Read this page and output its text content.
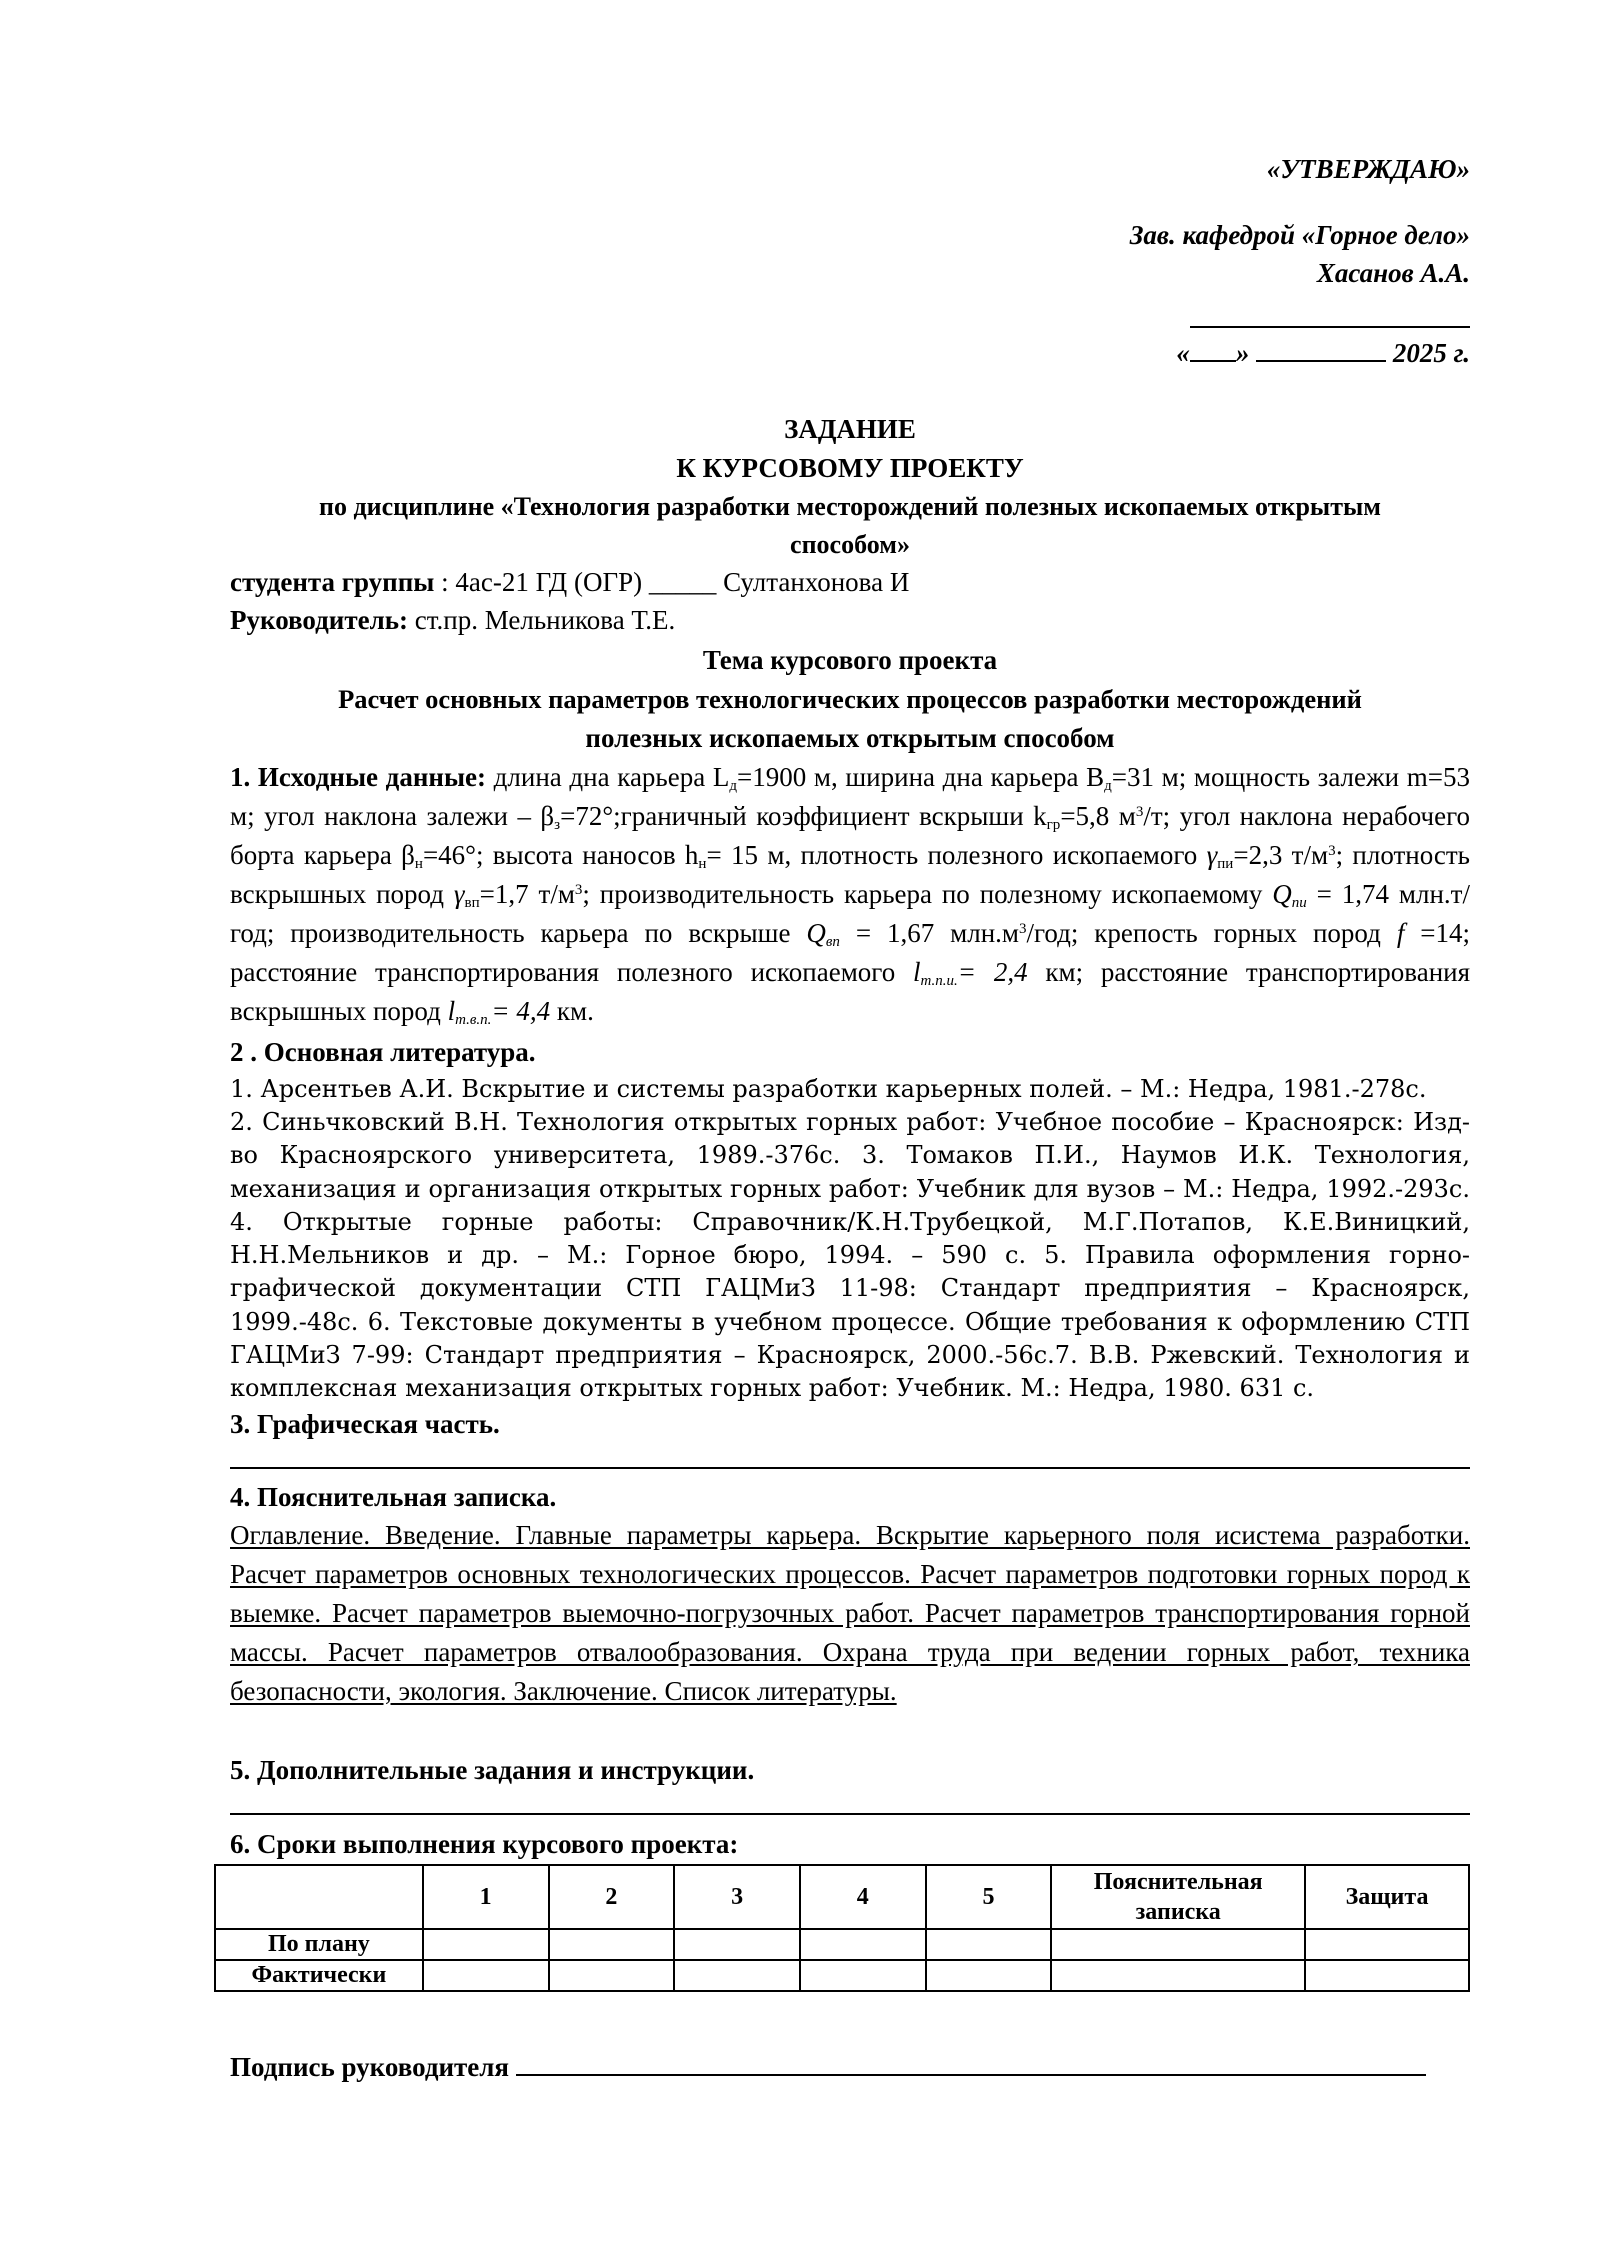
«УТВЕРЖДАЮ»
Зав. кафедрой «Горное дело»
Хасанов А.А.
« »	2025 г.
ЗАДАНИЕ
К КУРСОВОМУ ПРОЕКТУ
по дисциплине «Технология разработки месторождений полезных ископаемых открытым
способом»
студента группы : 4ас-21 ГД (ОГР) _____ Султанхонова И
Руководитель: ст.пр. Мельникова Т.Е.
Тема курсового проекта
Расчет основных параметров технологических процессов разработки месторождений
полезных ископаемых открытым способом
1. Исходные данные: длина дна карьера $L_д=1900$ м, ширина дна карьера $B_д=31$ м; мощность залежи m=53 м; угол наклона залежи – $\beta_з=72^\circ;граничный$ коэффициент вскрыши $k_{гр}=5,8$ $м^3/т$; угол наклона нерабочего борта карьера $\beta_н=46^\circ$; высота наносов $h_н= 15$ м, плотность полезного ископаемого $\gamma_{пи}=2,3$ $т/м^3$; плотность вскрышных пород $\gamma_{вп}=1,7$ $т/м^3$; производительность карьера по полезному ископаемому $Q_{пи} = 1,74$ млн.т/год; производительность карьера по вскрыше $Q_{вп} = 1,67$ $млн.м^3$/год; крепость горных пород f =14; расстояние транспортирования полезного ископаемого $l_{т.п.и.}= 2,4$ км; расстояние транспортирования вскрышных пород $l_{т.в.п.}= 4,4$ км.
2 . Основная литература.
1. Арсентьев А.И. Вскрытие и системы разработки карьерных полей. – М.: Недра, 1981.-278с.
2. Синьчковский В.Н. Технология открытых горных работ: Учебное пособие – Красноярск: Изд-во Красноярского университета, 1989.-376с. 3. Томаков П.И., Наумов И.К. Технология, механизация и организация открытых горных работ: Учебник для вузов – М.: Недра, 1992.-293с. 4. Открытые горные работы: Справочник/К.Н.Трубецкой, М.Г.Потапов, К.Е.Виницкий, Н.Н.Мельников и др. – М.: Горное бюро, 1994. – 590 с. 5. Правила оформления горно-графической документации СТП ГАЦМиЗ 11-98: Стандарт предприятия – Красноярск, 1999.-48с. 6. Текстовые документы в учебном процессе. Общие требования к оформлению СТП ГАЦМиЗ 7-99: Стандарт предприятия – Красноярск, 2000.-56с.7. В.В. Ржевский. Технология и комплексная механизация открытых горных работ: Учебник. М.: Недра, 1980. 631 с.
3. Графическая часть.
4. Пояснительная записка.
Оглавление. Введение. Главные параметры карьера. Вскрытие карьерного поля исистема разработки. Расчет параметров основных технологических процессов. Расчет параметров подготовки горных пород к выемке. Расчет параметров выемочно-погрузочных работ. Расчет параметров транспортирования горной массы. Расчет параметров отвалообразования. Охрана труда при ведении горных работ, техника безопасности, экология. Заключение. Список литературы.
5. Дополнительные задания и инструкции.
6. Сроки выполнения курсового проекта:
	1	2	3	4	5	Пояснительная записка	Защита
По плану							
Фактически							
Подпись руководителя
